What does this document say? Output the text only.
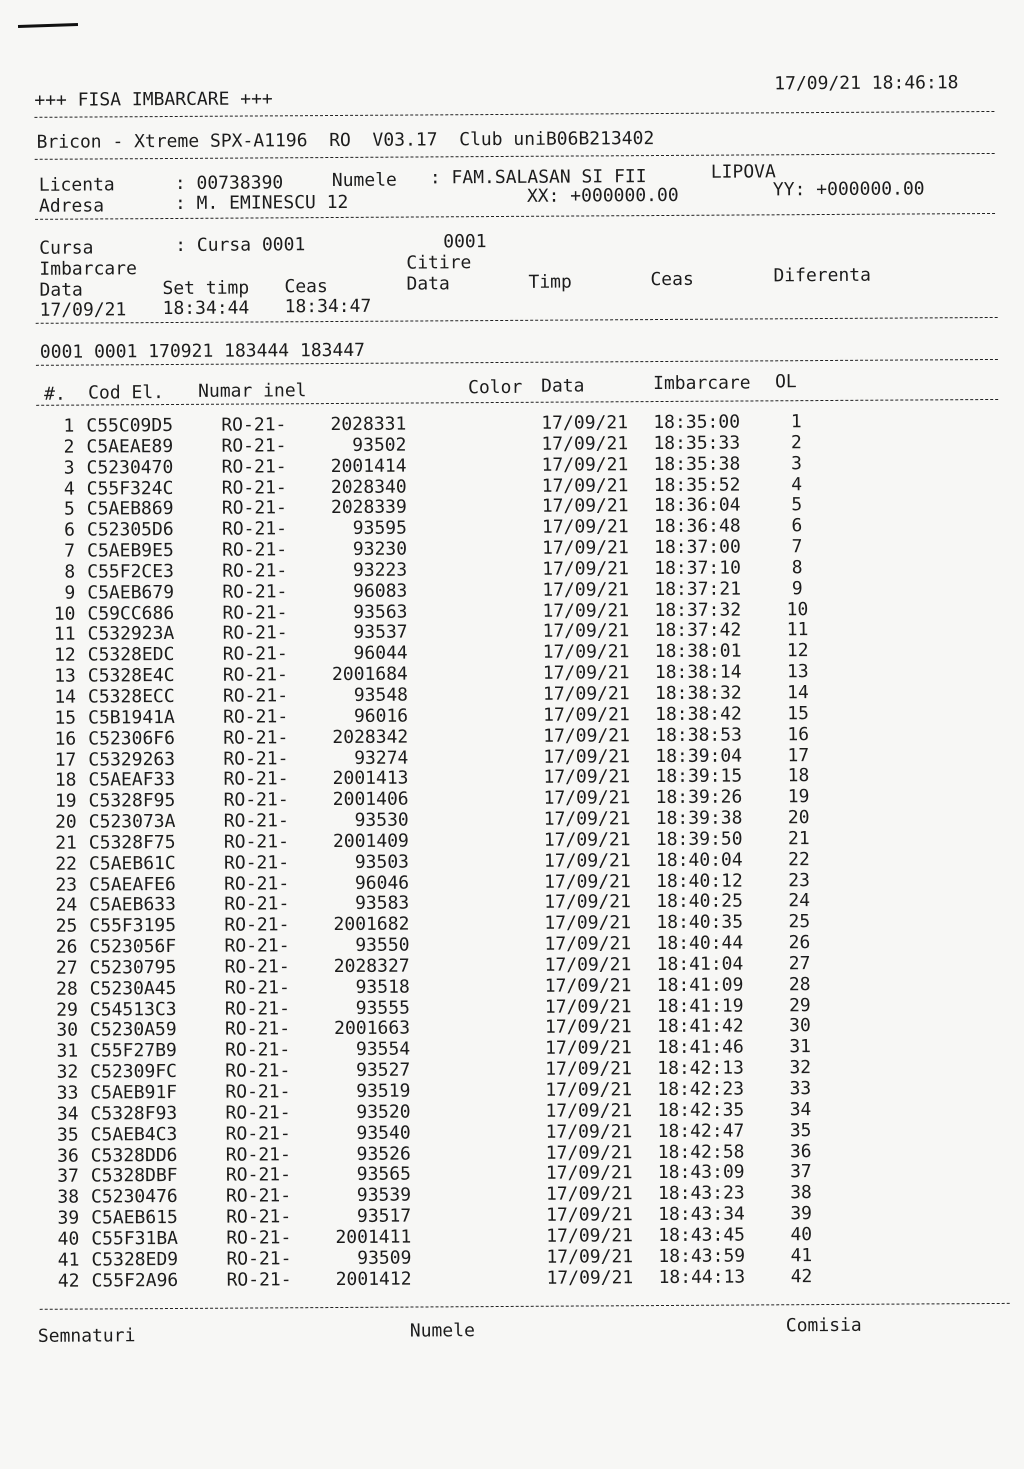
+++ FISA IMBARCARE +++
17/09/21 18:46:18
Bricon - Xtreme SPX-A1196  RO  V03.17  Club uniB06B213402
Licenta	: 00738390	Numele : FAM.SALASAN SI FII	LIPOVA
Adresa	: M. EMINESCU 12	XX: +000000.00	YY: +000000.00
Cursa	: Cursa 0001	0001
Imbarcare	Citire
Data	Set timp Ceas	Data	Timp	Ceas	Diferenta
17/09/21 18:34:44 18:34:47
0001 0001 170921 183444 183447
#. Cod El. Numar inel	Color Data	Imbarcare OL
1 C55C09D5	RO-21-	2028331	17/09/21 18:35:00	1
2 C5AEAE89	RO-21-	93502	17/09/21 18:35:33	2
3 C5230470	RO-21-	2001414	17/09/21 18:35:38	3
4 C55F324C	RO-21-	2028340	17/09/21 18:35:52	4
5 C5AEB869	RO-21-	2028339	17/09/21 18:36:04	5
6 C52305D6	RO-21-	93595	17/09/21 18:36:48	6
7 C5AEB9E5	RO-21-	93230	17/09/21 18:37:00	7
8 C55F2CE3	RO-21-	93223	17/09/21 18:37:10	8
9 C5AEB679	RO-21-	96083	17/09/21 18:37:21	9
10 C59CC686	RO-21-	93563	17/09/21 18:37:32	10
11 C532923A	RO-21-	93537	17/09/21 18:37:42	11
12 C5328EDC	RO-21-	96044	17/09/21 18:38:01	12
13 C5328E4C	RO-21-	2001684	17/09/21 18:38:14	13
14 C5328ECC	RO-21-	93548	17/09/21 18:38:32	14
15 C5B1941A	RO-21-	96016	17/09/21 18:38:42	15
16 C52306F6	RO-21-	2028342	17/09/21 18:38:53	16
17 C5329263	RO-21-	93274	17/09/21 18:39:04	17
18 C5AEAF33	RO-21-	2001413	17/09/21 18:39:15	18
19 C5328F95	RO-21-	2001406	17/09/21 18:39:26	19
20 C523073A	RO-21-	93530	17/09/21 18:39:38	20
21 C5328F75	RO-21-	2001409	17/09/21 18:39:50	21
22 C5AEB61C	RO-21-	93503	17/09/21 18:40:04	22
23 C5AEAFE6	RO-21-	96046	17/09/21 18:40:12	23
24 C5AEB633	RO-21-	93583	17/09/21 18:40:25	24
25 C55F3195	RO-21-	2001682	17/09/21 18:40:35	25
26 C523056F	RO-21-	93550	17/09/21 18:40:44	26
27 C5230795	RO-21-	2028327	17/09/21 18:41:04	27
28 C5230A45	RO-21-	93518	17/09/21 18:41:09	28
29 C54513C3	RO-21-	93555	17/09/21 18:41:19	29
30 C5230A59	RO-21-	2001663	17/09/21 18:41:42	30
31 C55F27B9	RO-21-	93554	17/09/21 18:41:46	31
32 C52309FC	RO-21-	93527	17/09/21 18:42:13	32
33 C5AEB91F	RO-21-	93519	17/09/21 18:42:23	33
34 C5328F93	RO-21-	93520	17/09/21 18:42:35	34
35 C5AEB4C3	RO-21-	93540	17/09/21 18:42:47	35
36 C5328DD6	RO-21-	93526	17/09/21 18:42:58	36
37 C5328DBF	RO-21-	93565	17/09/21 18:43:09	37
38 C5230476	RO-21-	93539	17/09/21 18:43:23	38
39 C5AEB615	RO-21-	93517	17/09/21 18:43:34	39
40 C55F31BA	RO-21-	2001411	17/09/21 18:43:45	40
41 C5328ED9	RO-21-	93509	17/09/21 18:43:59	41
42 C55F2A96	RO-21-	2001412	17/09/21 18:44:13	42
Semnaturi	Numele	Comisia
